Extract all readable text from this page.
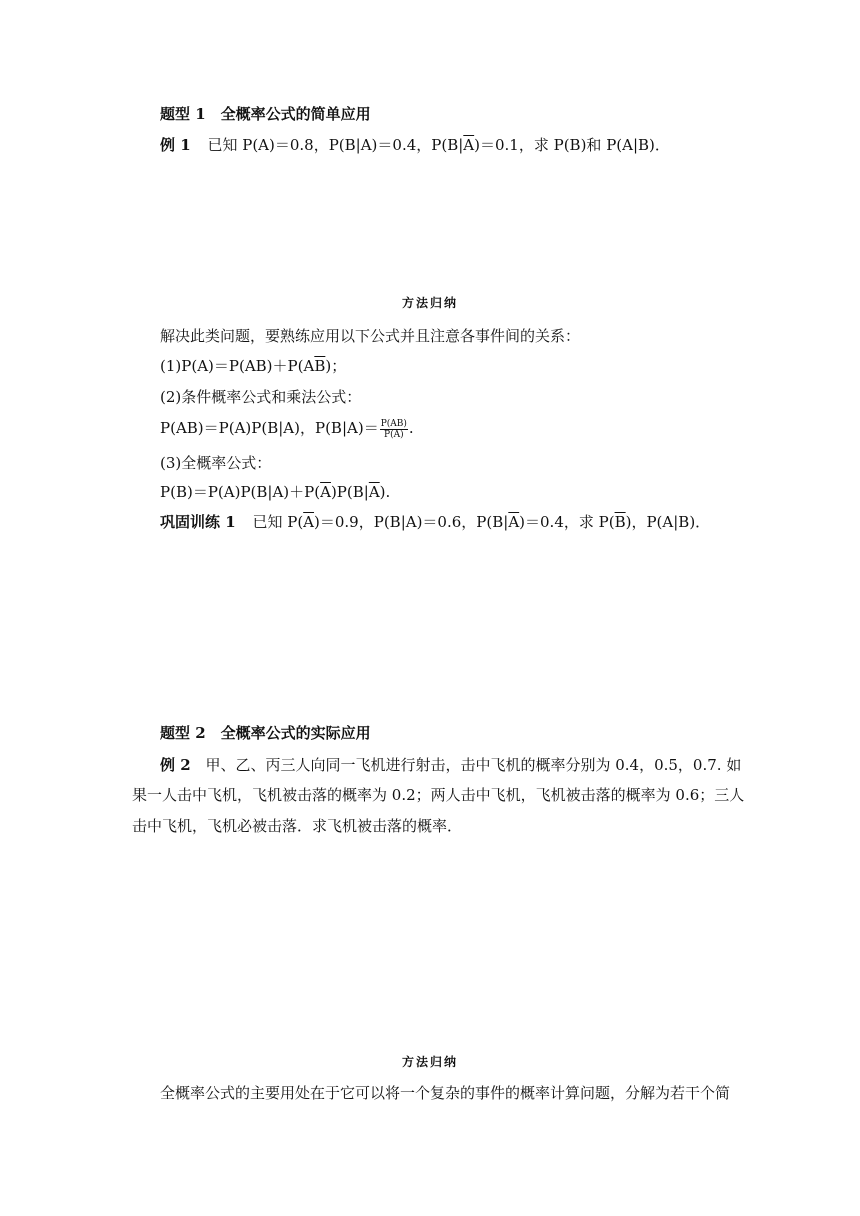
题型 1　全概率公式的简单应用
例 1 已知 P(A)＝0.8，P(B|A)＝0.4，$P(B|\overline{A})=0.1$，求 P(B)和 P(A|B)．
方法归纳
解决此类问题，要熟练应用以下公式并且注意各事件间的关系：
$(1)P(A)=P(AB)+P(A\overline{B})$；
(2)条件概率公式和乘法公式：
P(AB)＝P(A)P(B|A)，$P(B|A)= \frac{P(AB)}{P(A)}$ .
(3)全概率公式：
$P(B)=P(A)P(B|A)+P(\overline{A})P(B|\overline{A})$.
巩固训练 1 已知 $P(\overline{A})=0.9$，P(B|A)＝0.6，$P(B|\overline{A})=0.4$，求 $P(\overline{B})$，P(A|B)．
题型 2　全概率公式的实际应用
例 2 甲、乙、丙三人向同一飞机进行射击，击中飞机的概率分别为 0.4，0.5，0.7. 如
果一人击中飞机，飞机被击落的概率为 0.2；两人击中飞机，飞机被击落的概率为 0.6；三人
击中飞机，飞机必被击落．求飞机被击落的概率．
方法归纳
全概率公式的主要用处在于它可以将一个复杂的事件的概率计算问题，分解为若干个简
